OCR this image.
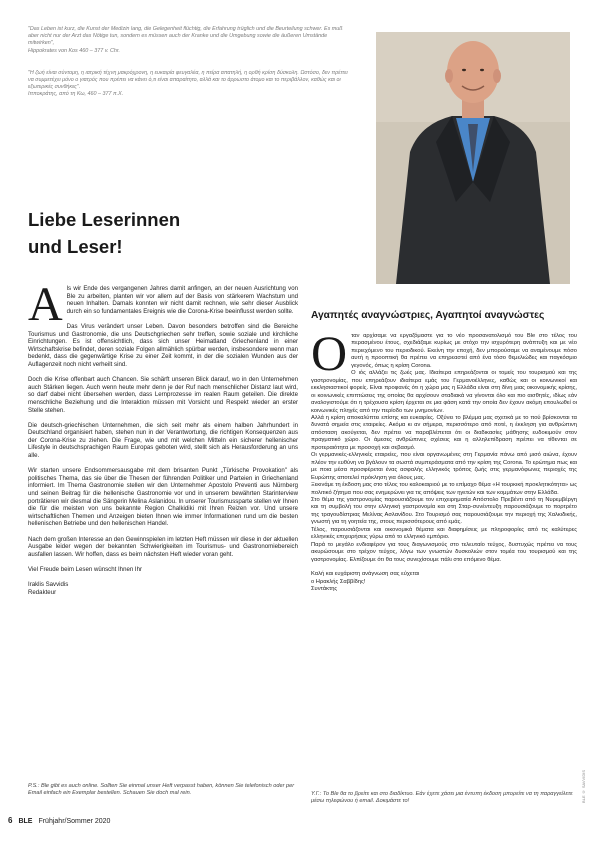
"Das Leben ist kurz, die Kunst der Medizin lang, die Gelegenheit flüchtig, die Erfahrung trüglich und die Beurteilung schwer. Es muß aber nicht nur der Arzt das Nötige tun, sondern es müssen auch der Kranke und die Umgebung sowie die äußeren Umstände mitwirken",
Hippokrates von Kos 460 – 377 v. Chr.
"Η ζωή είναι σύντομη, η ιατρική τέχνη μακρόχρονη, η ευκαιρία φευγαλέα, η πείρα απατηλή, η ορθή κρίση δύσκολη. Ωστόσο, δεν πρέπει να συμμετέχει μόνο ο γιατρός που πρέπει να κάνει ό,τι είναι απαραίτητο, αλλά και το άρρωστο άτομο και το περιβάλλον, καθώς και οι εξωτερικές συνθήκες".
Ιπποκράτης, από τη Κω, 460 – 377 π.Χ.
Liebe Leserinnen
und Leser!
Als wir Ende des vergangenen Jahres damit anfingen, an der neuen Ausrichtung von Ble zu arbeiten, planten wir vor allem auf der Basis von stärkerem Wachstum und neuen Inhalten. Damals konnten wir nicht damit rechnen, wie sehr dieser Ausblick durch ein so fundamentales Ereignis wie die Corona-Krise beeinflusst werden sollte.

Das Virus verändert unser Leben. Davon besonders betroffen sind die Bereiche Tourismus und Gastronomie, die uns Deutschgriechen sehr treffen, sowie soziale und kirchliche Einrichtungen. Es ist offensichtlich, dass sich unser Heimatland Griechenland in einer Wirtschaftskrise befindet, deren soziale Folgen allmählich spürbar werden, insbesondere wenn man bedenkt, dass die gegenwärtige Krise zu einer Zeit kommt, in der die sozialen Wunden aus der Auflagenzeit noch nicht verheilt sind.

Doch die Krise offenbart auch Chancen. Sie schärft unseren Blick darauf, wo in den Unternehmen auch Stärken liegen. Auch wenn heute mehr denn je der Ruf nach menschlicher Distanz laut wird, so darf dabei nicht übersehen werden, dass Lernprozesse im realen Raum geteilen. Die direkte menschliche Beziehung und die Interaktion müssen mit Vorsicht und Respekt wieder an erster Stelle stehen.

Die deutsch-griechischen Unternehmen, die sich seit mehr als einem halben Jahrhundert in Deutschland organisiert haben, stehen nun in der Verantwortung, die richtigen Konsequenzen aus der Corona-Krise zu ziehen. Die Frage, wie und mit welchen Mitteln ein sicherer hellenischer Lifestyle in deutschsprachigen Raum Europas geboten wird, stellt sich als Herausforderung an uns alle.

Wir starten unsere Endsommersausgabe mit dem brisanten Punkt „Türkische Provokation" als politisches Thema, das sie über die Thesen der führenden Politiker und Parteien in Griechenland informiert. Im Thema Gastronomie stellen wir den Unternehmer Apostolo Preventi aus Nürnberg und seinen Beitrag für die hellenische Gastronomie vor und in unserem bewährten Starinterview porträtieren wir diesmal die Sängerin Melina Aslanidou. In unserer Tourismussparte stellen wir Ihnen die für die meisten von uns bekannte Region Chalkidiki mit Ihren Reizen vor. Und unsere wirtschaftlichen Themen und Anzeigen bieten Ihnen wie immer Informationen rund um die besten hellenischen Betriebe und den hellenischen Handel.

Nach dem großen Interesse an den Gewinnspielen im letzten Heft müssen wir diese in der aktuellen Ausgabe leider wegen der bekannten Schwierigkeiten im Tourismus- und Gastronomiebereich ausfallen lassen. Wir hoffen, dass es beim nächsten Heft wieder voran geht.

Viel Freude beim Lesen wünscht Ihnen Ihr

Iraklis Savvidis
Redakteur
P.S.: Ble gibt es auch online. Sollten Sie einmal unser Heft verpasst haben, können Sie telefonisch oder per Email einfach ein Exemplar bestellen. Schauen Sie doch mal rein.
Αγαπητές αναγνώστριες, Αγαπητοί αναγνώστες

Οταν αρχίσαμε να εργαζόμαστε για το νέο προσανατολισμό του Ble στο τέλος του περασμένου έτους, σχεδιάζαμε κυρίως με στόχο την ισχυρότερη ανάπτυξη και με νέο περιεχόμενο του περιοδικού. Εκείνη την εποχή, δεν μπορούσαμε να αναμένουμε πόσο αυτή η προοπτική θα πρέπει να επηρεαστεί από ένα τόσο θεμελιώδες και παγκόσμιο γεγονός, όπως η κρίση Corona.

Ο ιός αλλάζει τις ζωές μας. Ιδιαίτερα επηρεάζονται οι τομείς του τουρισμού και της γαστρονομίας, που επηρεάζουν ιδιαίτερα εμάς του Γερμανοέλληνες, καθώς και οι κοινωνικοί και εκκλησιαστικοί φορείς. Είναι προφανές ότι η χώρα μας η Ελλάδα είναι στη δίνη μιας οικονομικής κρίσης, οι κοινωνικές επιπτώσεις της οποίας θα αρχίσουν σταδιακά να γίνονται όλο και πιο αισθητές, ιδίως εάν αναλογιστούμε ότι η τρέχουσα κρίση έρχεται σε μια φάση κατά την οποία δεν έχουν ακόμη επουλωθεί οι κοινωνικές πληγές από την περίοδο των μνημονίων.

Αλλά η κρίση αποκαλύπτει επίσης και ευκαιρίες. Οξύνει το βλέμμα μας σχετικά με το πού βρίσκονται τα δυνατά σημεία στις εταιρείες. Ακόμα κι αν σήμερα, περισσότερο από ποτέ, η έκκληση για ανθρώπινη απόσταση ακούγεται, δεν πρέπει να παραβλέπεται ότι οι διαδικασίες μάθησης ευδοκιμούν στον πραγματικό χώρο. Οι άμεσες ανθρώπινες σχέσεις και η αλληλεπίδραση πρέπει να τίθενται σε προτεραιότητα με προσοχή και σεβασμό.

Οι γερμανικές-ελληνικές εταιρείες, που είναι οργανωμένες στη Γερμανία πάνω από μισό αιώνα, έχουν πλέον την ευθύνη να βγάλουν τα σωστά συμπεράσματα από την κρίση της Corona. Το ερώτημα πως και με ποια μέσα προσφέρεται ένας ασφαλής ελληνικός τρόπος ζωής στις γερμανόφωνες περιοχές της Ευρώπης αποτελεί πρόκληση για όλους μας.

Ξεκινάμε τη έκδοση μας στο τέλος του καλοκαιριού με το επίμαχο θέμα «Η τουρκική προκλητικότητα» ως πολιτικό ζήτημα που σας ενημερώνει για τις απόψεις των ηγετών και των κομμάτων στην Ελλάδα.

Στο θέμα της γαστρονομίας παρουσιάζουμε τον επιχειρηματία Απόστολο Πρεβέντι από τη Νυρεμβέργη και τη συμβολή του στην ελληνική γαστρονομία και στη Σταρ-συνέντευξη παρουσιάζουμε το πορτρέτο της τραγουδίστριας Μελίνας Ασλανίδου. Στο Τουρισμό σας παρουσιάζουμε την περιοχή της Χαλκιδικής, γνωστή για τη γοητεία της, στους περισσότερους από εμάς.

Τέλος, παρουσιάζονται και οικονομικά θέματα και διαφημίσεις με πληροφορίες από τις καλύτερες ελληνικές επιχειρήσεις γύρω από το ελληνικό εμπόριο.

Παρά το μεγάλο ενδιαφέρον για τους διαγωνισμούς στο τελευταίο τεύχος, δυστυχώς πρέπει να τους ακυρώσουμε στο τρέχον τεύχος, λόγω των γνωστών δυσκολιών στον τομέα του τουρισμού και της γαστρονομίας. Ελπίζουμε ότι θα τους συνεχίσουμε πάλι στο επόμενο θέμα.

Καλή και ευχάριστη ανάγνωση σας εύχεται

ο Ηρακλής Σαββίδης!

Συντάκτης

Υ.Γ.: Το Ble θα το βρείτε και στο διαδίκτυο. Εάν έχετε χάσει μια έντυπη έκδοση μπορείτε να τη παραγγείλετε μέσω τηλεφώνου ή email. Δοκιμάστε το!	BLE © SAVVIDIS
6 BLE Frühjahr/Sommer 2020
